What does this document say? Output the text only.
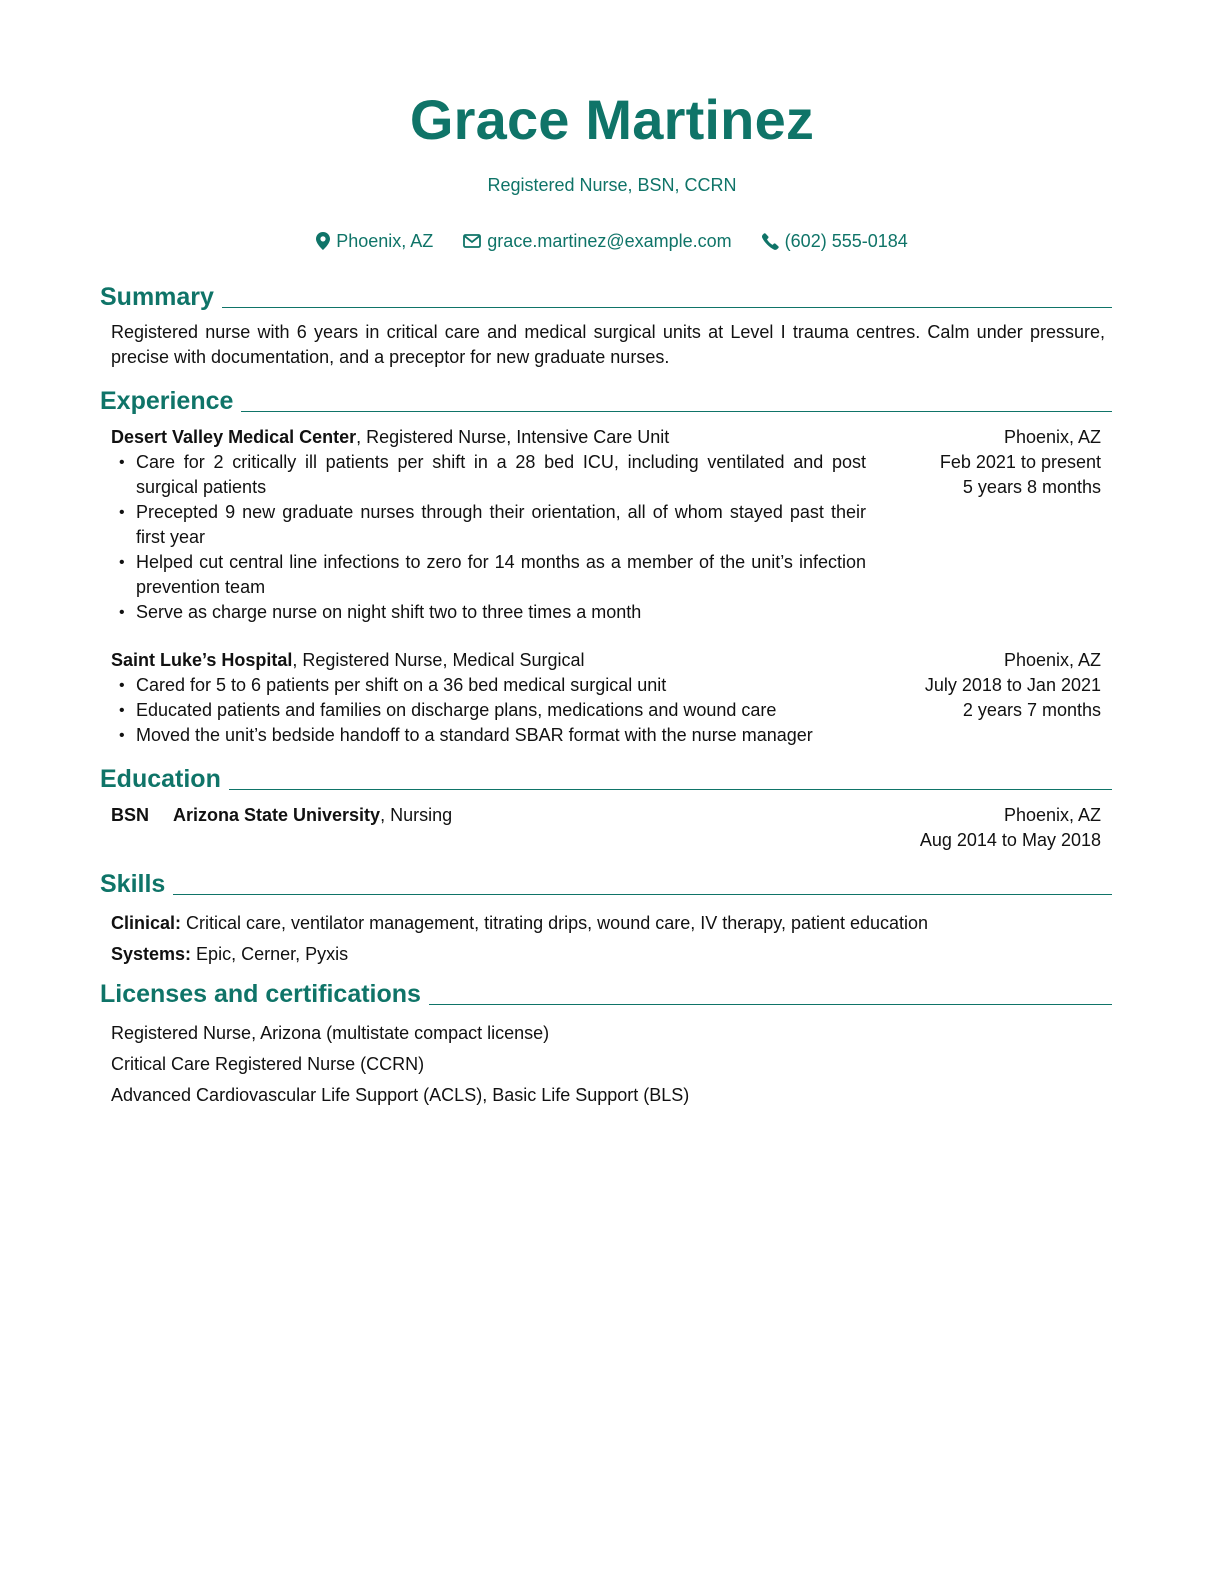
Grace Martinez
Registered Nurse, BSN, CCRN
Phoenix, AZ	grace.martinez@example.com	(602) 555-0184
Summary
Registered nurse with 6 years in critical care and medical surgical units at Level I trauma centres. Calm under pressure, precise with documentation, and a preceptor for new graduate nurses.
Experience
Desert Valley Medical Center, Registered Nurse, Intensive Care Unit
• Care for 2 critically ill patients per shift in a 28 bed ICU, including ventilated and post surgical patients
• Precepted 9 new graduate nurses through their orientation, all of whom stayed past their first year
• Helped cut central line infections to zero for 14 months as a member of the unit’s infection prevention team
• Serve as charge nurse on night shift two to three times a month
Phoenix, AZ
Feb 2021 to present
5 years 8 months
Saint Luke’s Hospital, Registered Nurse, Medical Surgical
• Cared for 5 to 6 patients per shift on a 36 bed medical surgical unit
• Educated patients and families on discharge plans, medications and wound care
• Moved the unit’s bedside handoff to a standard SBAR format with the nurse manager
Phoenix, AZ
July 2018 to Jan 2021
2 years 7 months
Education
BSN Arizona State University, Nursing	Phoenix, AZ
Aug 2014 to May 2018
Skills
Clinical: Critical care, ventilator management, titrating drips, wound care, IV therapy, patient education
Systems: Epic, Cerner, Pyxis
Licenses and certifications
Registered Nurse, Arizona (multistate compact license)
Critical Care Registered Nurse (CCRN)
Advanced Cardiovascular Life Support (ACLS), Basic Life Support (BLS)
